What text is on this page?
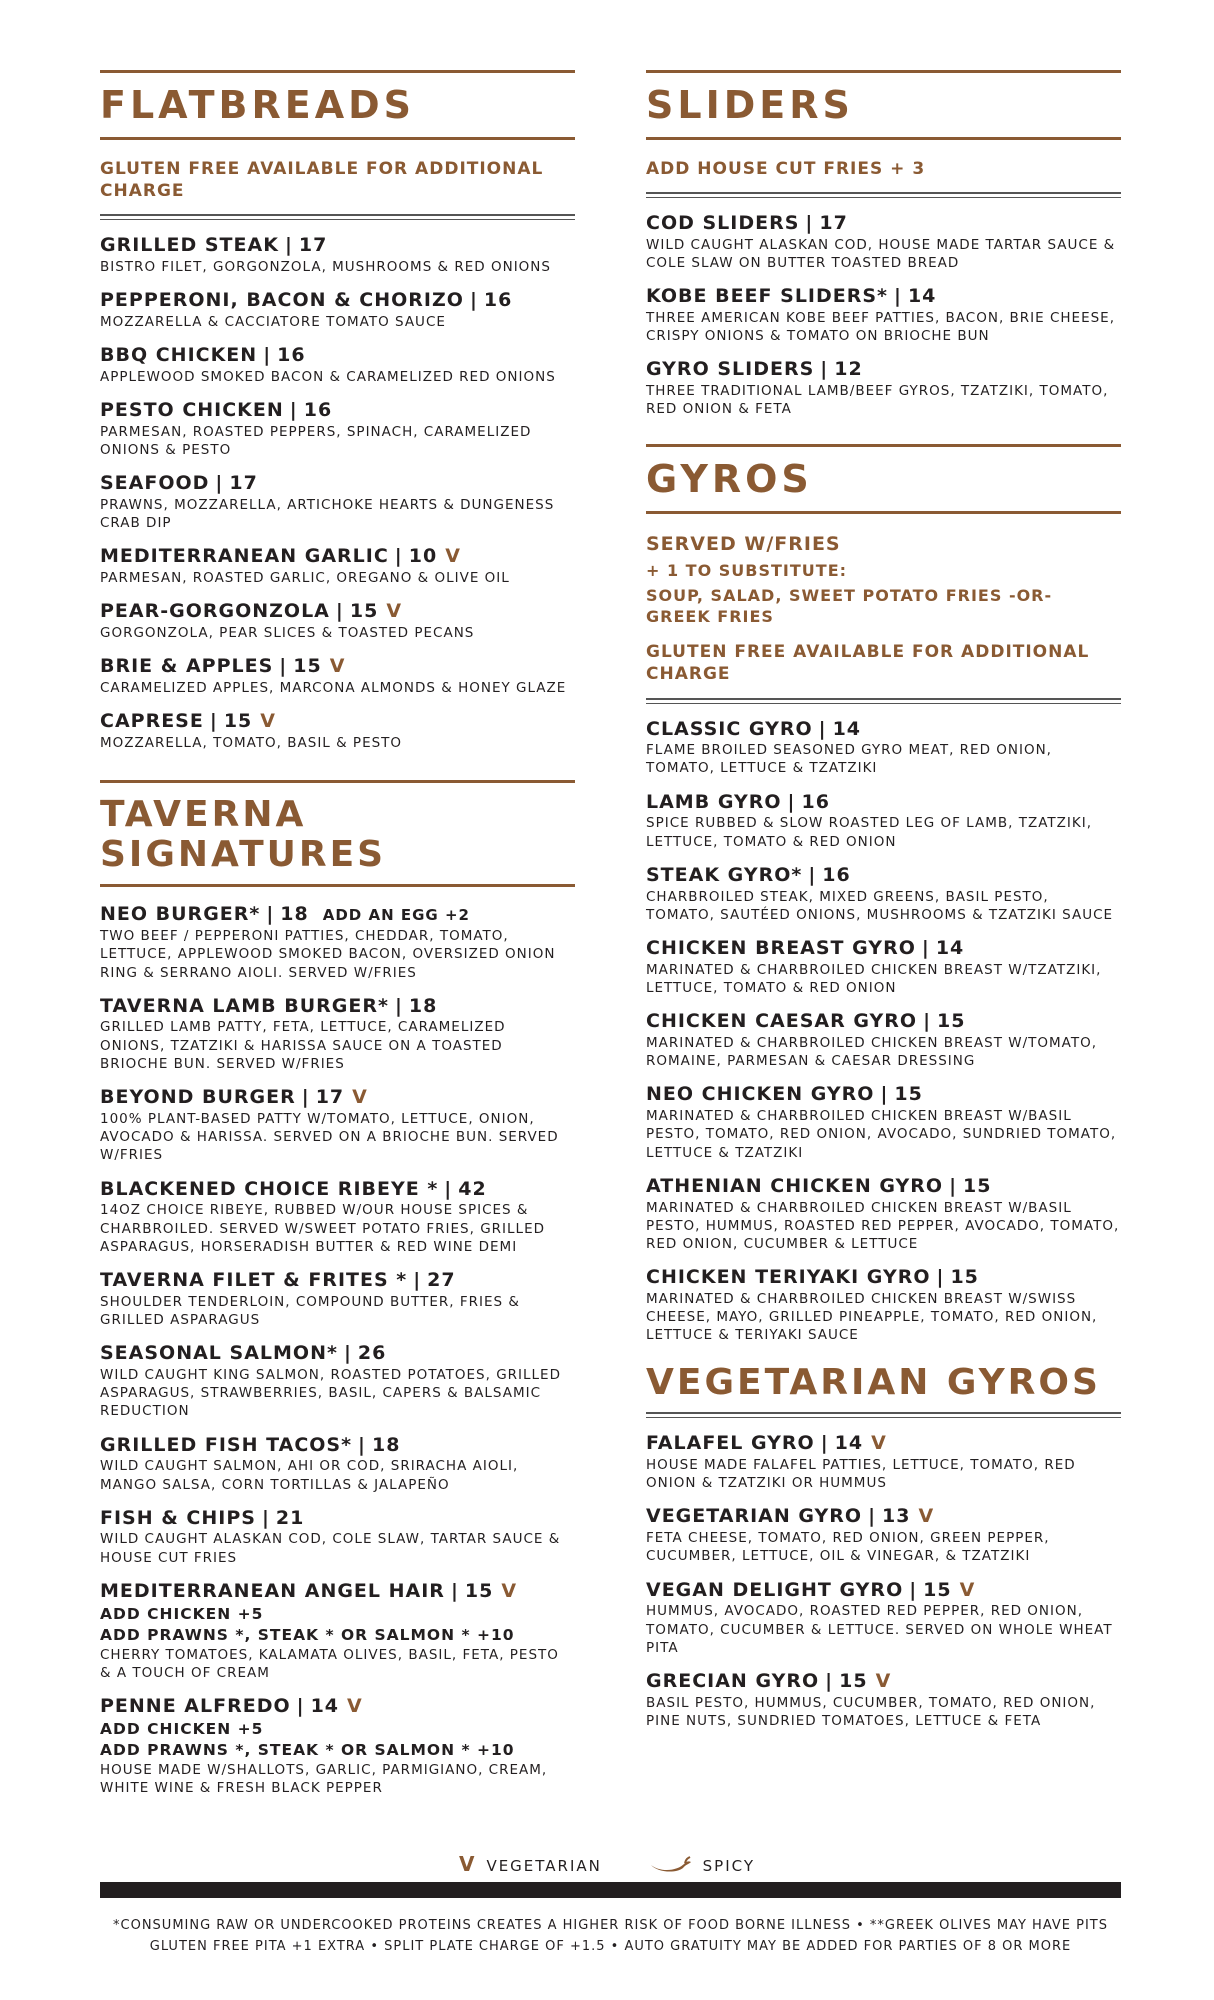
FLATBREADS
GLUTEN FREE AVAILABLE FOR ADDITIONAL CHARGE
GRILLED STEAK | 17
BISTRO FILET, GORGONZOLA, MUSHROOMS & RED ONIONS
PEPPERONI, BACON & CHORIZO | 16
MOZZARELLA & CACCIATORE TOMATO SAUCE
BBQ CHICKEN | 16
APPLEWOOD SMOKED BACON & CARAMELIZED RED ONIONS
PESTO CHICKEN | 16
PARMESAN, ROASTED PEPPERS, SPINACH, CARAMELIZED ONIONS & PESTO
SEAFOOD | 17
PRAWNS, MOZZARELLA, ARTICHOKE HEARTS & DUNGENESS CRAB DIP
MEDITERRANEAN GARLIC | 10 V
PARMESAN, ROASTED GARLIC, OREGANO & OLIVE OIL
PEAR-GORGONZOLA | 15 V
GORGONZOLA, PEAR SLICES & TOASTED PECANS
BRIE & APPLES | 15 V
CARAMELIZED APPLES, MARCONA ALMONDS & HONEY GLAZE
CAPRESE | 15 V
MOZZARELLA, TOMATO, BASIL & PESTO
TAVERNA SIGNATURES
NEO BURGER* | 18 ADD AN EGG +2
TWO BEEF / PEPPERONI PATTIES, CHEDDAR, TOMATO, LETTUCE, APPLEWOOD SMOKED BACON, OVERSIZED ONION RING & SERRANO AIOLI. SERVED W/FRIES
TAVERNA LAMB BURGER* | 18
GRILLED LAMB PATTY, FETA, LETTUCE, CARAMELIZED ONIONS, TZATZIKI & HARISSA SAUCE ON A TOASTED BRIOCHE BUN. SERVED W/FRIES
BEYOND BURGER | 17 V
100% PLANT-BASED PATTY W/TOMATO, LETTUCE, ONION, AVOCADO & HARISSA. SERVED ON A BRIOCHE BUN. SERVED W/FRIES
BLACKENED CHOICE RIBEYE * | 42
14OZ CHOICE RIBEYE, RUBBED W/OUR HOUSE SPICES & CHARBROILED. SERVED W/SWEET POTATO FRIES, GRILLED ASPARAGUS, HORSERADISH BUTTER & RED WINE DEMI
TAVERNA FILET & FRITES * | 27
SHOULDER TENDERLOIN, COMPOUND BUTTER, FRIES & GRILLED ASPARAGUS
SEASONAL SALMON* | 26
WILD CAUGHT KING SALMON, ROASTED POTATOES, GRILLED ASPARAGUS, STRAWBERRIES, BASIL, CAPERS & BALSAMIC REDUCTION
GRILLED FISH TACOS* | 18
WILD CAUGHT SALMON, AHI OR COD, SRIRACHA AIOLI, MANGO SALSA, CORN TORTILLAS & JALAPEÑO
FISH & CHIPS | 21
WILD CAUGHT ALASKAN COD, COLE SLAW, TARTAR SAUCE & HOUSE CUT FRIES
MEDITERRANEAN ANGEL HAIR | 15 V
ADD CHICKEN +5
ADD PRAWNS *, STEAK * OR SALMON * +10
CHERRY TOMATOES, KALAMATA OLIVES, BASIL, FETA, PESTO & A TOUCH OF CREAM
PENNE ALFREDO | 14 V
ADD CHICKEN +5
ADD PRAWNS *, STEAK * OR SALMON * +10
HOUSE MADE W/SHALLOTS, GARLIC, PARMIGIANO, CREAM, WHITE WINE & FRESH BLACK PEPPER
SLIDERS
ADD HOUSE CUT FRIES + 3
COD SLIDERS | 17
WILD CAUGHT ALASKAN COD, HOUSE MADE TARTAR SAUCE & COLE SLAW ON BUTTER TOASTED BREAD
KOBE BEEF SLIDERS* | 14
THREE AMERICAN KOBE BEEF PATTIES, BACON, BRIE CHEESE, CRISPY ONIONS & TOMATO ON BRIOCHE BUN
GYRO SLIDERS | 12
THREE TRADITIONAL LAMB/BEEF GYROS, TZATZIKI, TOMATO, RED ONION & FETA
GYROS
SERVED W/FRIES
+ 1 TO SUBSTITUTE:
SOUP, SALAD, SWEET POTATO FRIES -OR- GREEK FRIES
GLUTEN FREE AVAILABLE FOR ADDITIONAL CHARGE
CLASSIC GYRO | 14
FLAME BROILED SEASONED GYRO MEAT, RED ONION, TOMATO, LETTUCE & TZATZIKI
LAMB GYRO | 16
SPICE RUBBED & SLOW ROASTED LEG OF LAMB, TZATZIKI, LETTUCE, TOMATO & RED ONION
STEAK GYRO* | 16
CHARBROILED STEAK, MIXED GREENS, BASIL PESTO, TOMATO, SAUTÉED ONIONS, MUSHROOMS & TZATZIKI SAUCE
CHICKEN BREAST GYRO | 14
MARINATED & CHARBROILED CHICKEN BREAST W/TZATZIKI, LETTUCE, TOMATO & RED ONION
CHICKEN CAESAR GYRO | 15
MARINATED & CHARBROILED CHICKEN BREAST W/TOMATO, ROMAINE, PARMESAN & CAESAR DRESSING
NEO CHICKEN GYRO | 15
MARINATED & CHARBROILED CHICKEN BREAST W/BASIL PESTO, TOMATO, RED ONION, AVOCADO, SUNDRIED TOMATO, LETTUCE & TZATZIKI
ATHENIAN CHICKEN GYRO | 15
MARINATED & CHARBROILED CHICKEN BREAST W/BASIL PESTO, HUMMUS, ROASTED RED PEPPER, AVOCADO, TOMATO, RED ONION, CUCUMBER & LETTUCE
CHICKEN TERIYAKI GYRO | 15
MARINATED & CHARBROILED CHICKEN BREAST W/SWISS CHEESE, MAYO, GRILLED PINEAPPLE, TOMATO, RED ONION, LETTUCE & TERIYAKI SAUCE
VEGETARIAN GYROS
FALAFEL GYRO | 14 V
HOUSE MADE FALAFEL PATTIES, LETTUCE, TOMATO, RED ONION & TZATZIKI OR HUMMUS
VEGETARIAN GYRO | 13 V
FETA CHEESE, TOMATO, RED ONION, GREEN PEPPER, CUCUMBER, LETTUCE, OIL & VINEGAR, & TZATZIKI
VEGAN DELIGHT GYRO | 15 V
HUMMUS, AVOCADO, ROASTED RED PEPPER, RED ONION, TOMATO, CUCUMBER & LETTUCE. SERVED ON WHOLE WHEAT PITA
GRECIAN GYRO | 15 V
BASIL PESTO, HUMMUS, CUCUMBER, TOMATO, RED ONION, PINE NUTS, SUNDRIED TOMATOES, LETTUCE & FETA
V VEGETARIAN	SPICY
*CONSUMING RAW OR UNDERCOOKED PROTEINS CREATES A HIGHER RISK OF FOOD BORNE ILLNESS • **GREEK OLIVES MAY HAVE PITS
GLUTEN FREE PITA +1 EXTRA • SPLIT PLATE CHARGE OF +1.5 • AUTO GRATUITY MAY BE ADDED FOR PARTIES OF 8 OR MORE
